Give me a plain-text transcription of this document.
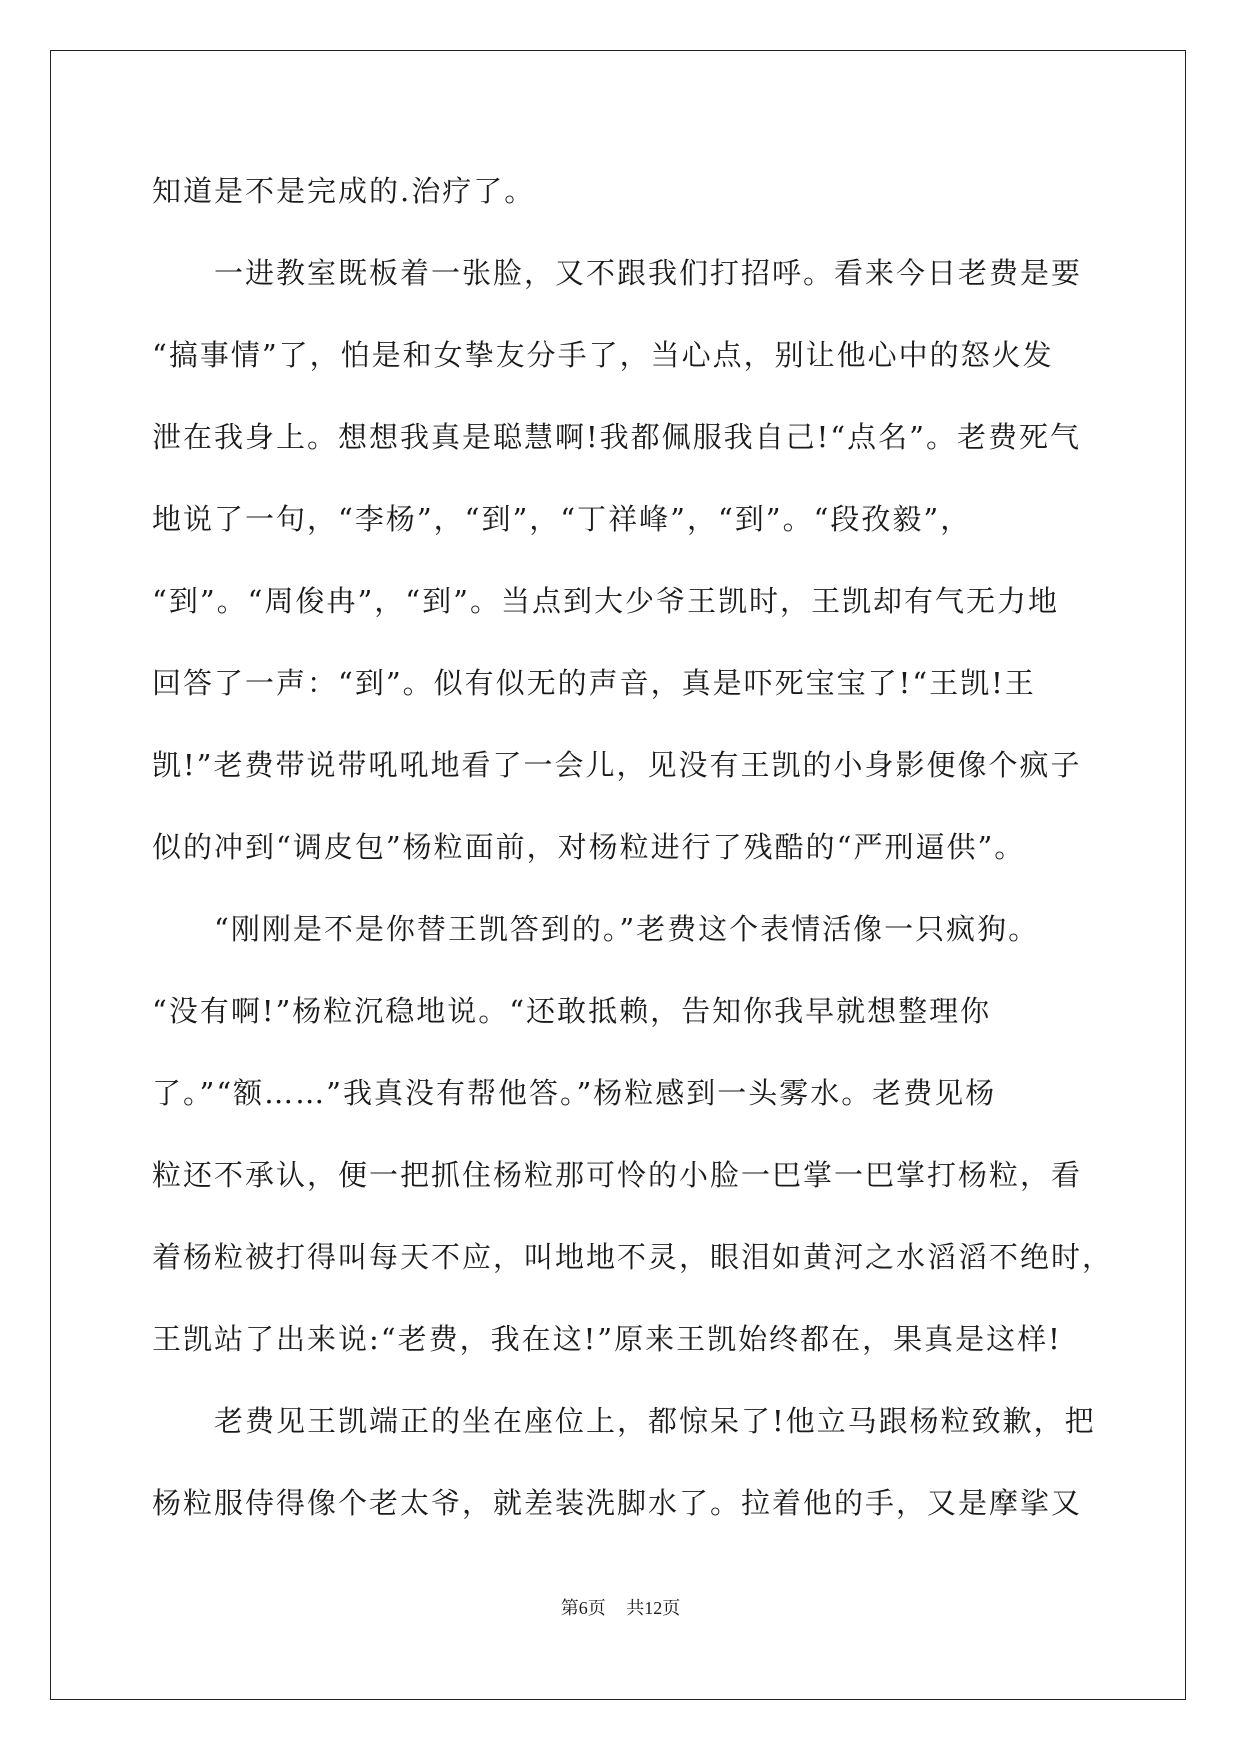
知道是不是完成的.治疗了。
　　一进教室既板着一张脸，又不跟我们打招呼。看来今日老费是要
“搞事情”了，怕是和女挚友分手了，当心点，别让他心中的怒火发
泄在我身上。想想我真是聪慧啊!我都佩服我自己!“点名”。老费死气
地说了一句，“李杨”，“到”，“丁祥峰”，“到”。“段孜毅”，
“到”。“周俊冉”，“到”。当点到大少爷王凯时，王凯却有气无力地
回答了一声：“到”。似有似无的声音，真是吓死宝宝了!“王凯!王
凯!”老费带说带吼吼地看了一会儿，见没有王凯的小身影便像个疯子
似的冲到“调皮包”杨粒面前，对杨粒进行了残酷的“严刑逼供”。
　　“刚刚是不是你替王凯答到的。”老费这个表情活像一只疯狗。
“没有啊!”杨粒沉稳地说。“还敢抵赖，告知你我早就想整理你
了。”“额……”我真没有帮他答。”杨粒感到一头雾水。老费见杨
粒还不承认，便一把抓住杨粒那可怜的小脸一巴掌一巴掌打杨粒，看
着杨粒被打得叫每天不应，叫地地不灵，眼泪如黄河之水滔滔不绝时，
王凯站了出来说:“老费，我在这!”原来王凯始终都在，果真是这样!
　　老费见王凯端正的坐在座位上，都惊呆了!他立马跟杨粒致歉，把
杨粒服侍得像个老太爷，就差装洗脚水了。拉着他的手，又是摩挲又
第6页 共12页
